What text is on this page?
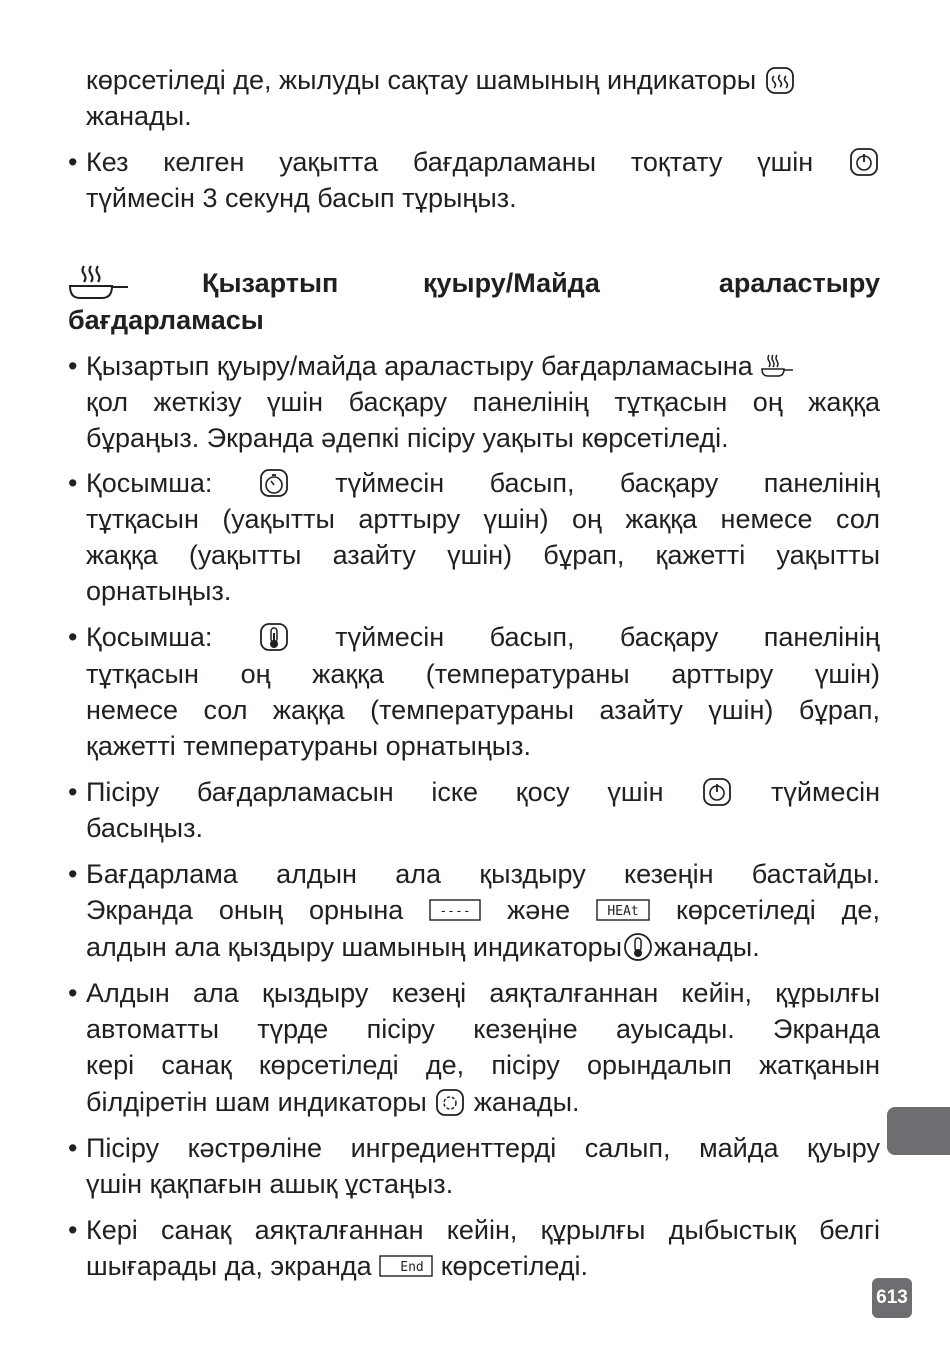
көрсетіледі де, жылуды сақтау шамының индикаторы
жанады.
• Кез келген уақытта бағдарламаны тоқтату үшін
түймесін 3 секунд басып тұрыңыз.
Қызартып	қуыру/Майда	араластыру
бағдарламасы
• Қызартып қуыру/майда араластыру бағдарламасына
қол жеткізу үшін басқару панелінің тұтқасын оң жаққа
бұраңыз. Экранда әдепкі пісіру уақыты көрсетіледі.
• Қосымша:	түймесін басып, басқару панелінің
тұтқасын (уақытты арттыру үшін) оң жаққа немесе сол
жаққа (уақытты азайту үшін) бұрап, қажетті уақытты
орнатыңыз.
• Қосымша:	түймесін басып, басқару панелінің
тұтқасын оң жаққа (температураны арттыру үшін)
немесе сол жаққа (температураны азайту үшін) бұрап,
қажетті температураны орнатыңыз.
• Пісіру бағдарламасын іске қосу үшін	түймесін
басыңыз.
• Бағдарлама алдын ала қыздыру кезеңін бастайды.
Экранда оның орнына	---- және	HEAt көрсетіледі де,
алдын ала қыздыру шамының индикаторы жанады.
• Алдын ала қыздыру кезеңі аяқталғаннан кейін, құрылғы
автоматты түрде пісіру кезеңіне ауысады. Экранда
кері санақ көрсетіледі де, пісіру орындалып жатқанын
білдіретін шам индикаторы жанады.
• Пісіру кәстрөліне ингредиенттерді салып, майда қуыру
үшін қақпағын ашық ұстаңыз.
• Кері санақ аяқталғаннан кейін, құрылғы дыбыстық белгі
шығарады да, экранда End көрсетіледі.
613
